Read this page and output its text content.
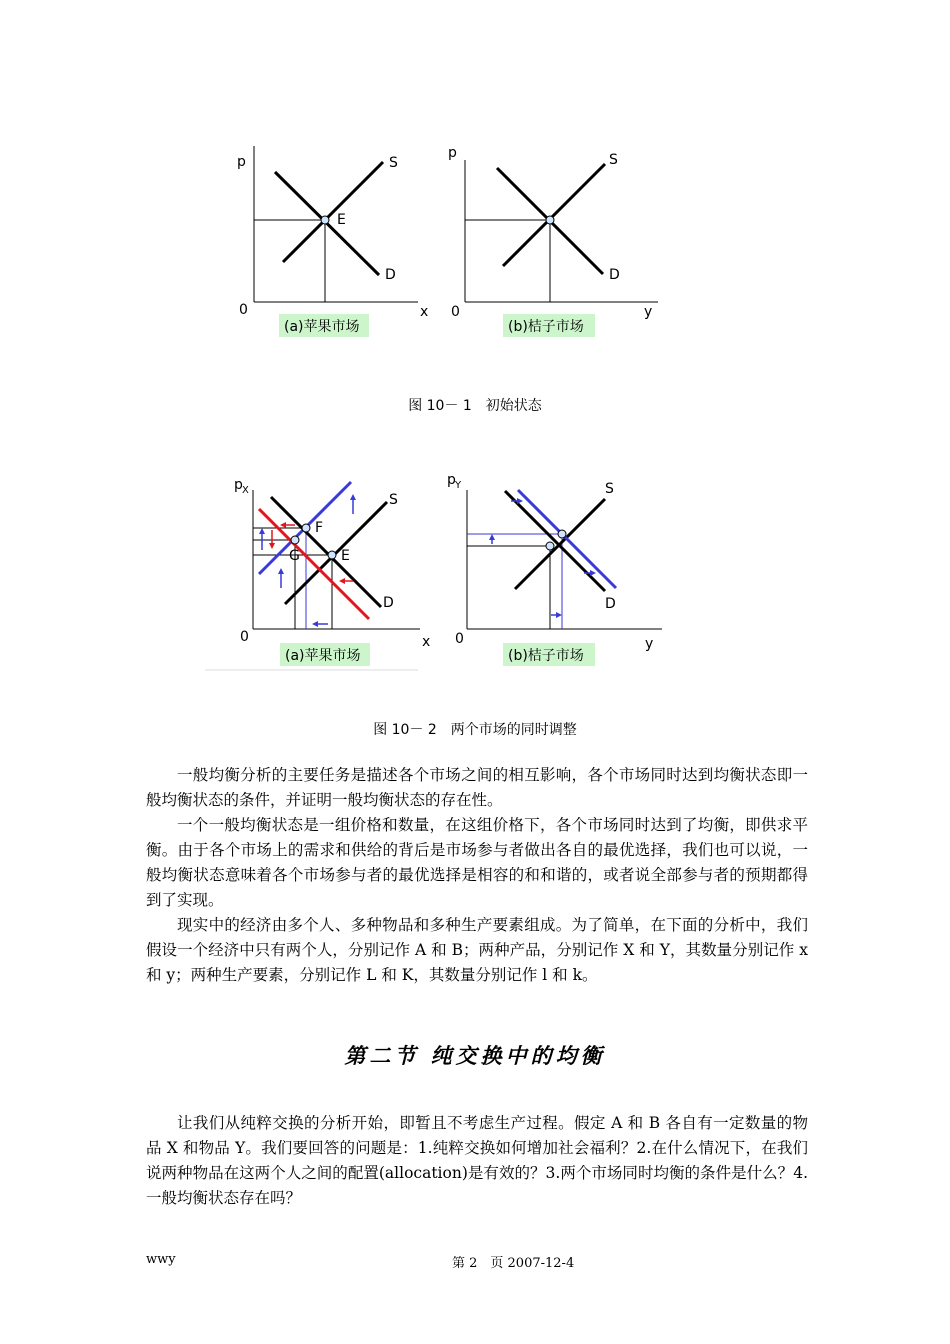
p	S
E
D
0	x
(a)苹果市场
p	S
D
0	y
(b)桔子市场
图 10－ 1　初始状态
p X
S
F
G	E
D
0	x
(a)苹果市场
p Y	S
D
0	y
(b)桔子市场
图 10－ 2　两个市场的同时调整

一般均衡分析的主要任务是描述各个市场之间的相互影响，各个市场同时达到均衡状态即一般均衡状态的条件，并证明一般均衡状态的存在性。

一个一般均衡状态是一组价格和数量，在这组价格下，各个市场同时达到了均衡，即供求平衡。由于各个市场上的需求和供给的背后是市场参与者做出各自的最优选择，我们也可以说，一般均衡状态意味着各个市场参与者的最优选择是相容的和和谐的，或者说全部参与者的预期都得到了实现。

现实中的经济由多个人、多种物品和多种生产要素组成。为了简单，在下面的分析中，我们假设一个经济中只有两个人，分别记作 A 和 B；两种产品，分别记作 X 和 Y，其数量分别记作 x 和 y；两种生产要素，分别记作 L 和 K，其数量分别记作 l 和 k。

第二节 纯交换中的均衡

让我们从纯粹交换的分析开始，即暂且不考虑生产过程。假定 A 和 B 各自有一定数量的物品 X 和物品 Y。我们要回答的问题是：1.纯粹交换如何增加社会福利？2.在什么情况下，在我们说两种物品在这两个人之间的配置(allocation)是有效的？3.两个市场同时均衡的条件是什么？4.一般均衡状态存在吗？

wwy	第 2　页 2007-12-4
